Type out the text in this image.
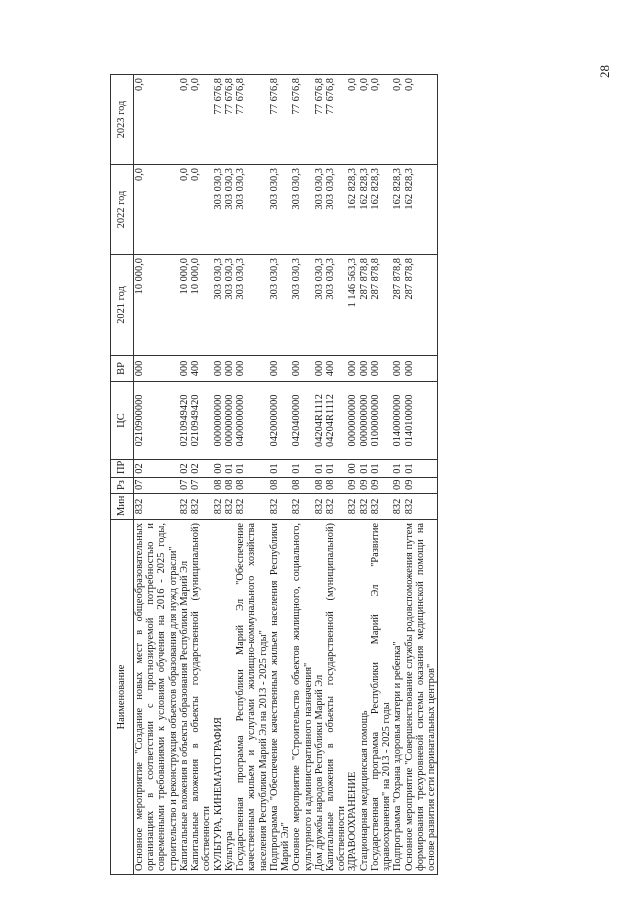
28
Наименование	Мин	Рз	ПР	ЦС	ВР	2021 год	2022 год	2023 год
Основное мероприятие "Создание новых мест в общеобразовательных организациях в соответствии с прогнозируемой потребностью и современными требованиями к условиям обучения на 2016 - 2025 годы, строительство и реконструкция объектов образования для нужд отрасли"	832	07	02	0210900000	000	10 000,0	0,0	0,0
Капитальные вложения в объекты образования Республики Марий Эл	832	07	02	0210949420	000	10 000,0	0,0	0,0
Капитальные вложения в объекты государственной (муниципальной) собственности	832	07	02	0210949420	400	10 000,0	0,0	0,0
КУЛЬТУРА, КИНЕМАТОГРАФИЯ	832	08	00	0000000000	000	303 030,3	303 030,3	77 676,8
Культура	832	08	01	0000000000	000	303 030,3	303 030,3	77 676,8
Государственная программа Республики Марий Эл "Обеспечение качественным жильем и услугами жилищно-коммунального хозяйства населения Республики Марий Эл на 2013 - 2025 годы"	832	08	01	0400000000	000	303 030,3	303 030,3	77 676,8
Подпрограмма "Обеспечение качественным жильем населения Республики Марий Эл"	832	08	01	0420000000	000	303 030,3	303 030,3	77 676,8
Основное мероприятие "Строительство объектов жилищного, социального, культурного и административного назначения"	832	08	01	0420400000	000	303 030,3	303 030,3	77 676,8
Дом дружбы народов Республики Марий Эл	832	08	01	04204R1112	000	303 030,3	303 030,3	77 676,8
Капитальные вложения в объекты государственной (муниципальной) собственности	832	08	01	04204R1112	400	303 030,3	303 030,3	77 676,8
ЗДРАВООХРАНЕНИЕ	832	09	00	0000000000	000	1 146 563,3	162 828,3	0,0
Стационарная медицинская помощь	832	09	01	0000000000	000	287 878,8	162 828,3	0,0
Государственная программа Республики Марий Эл "Развитие здравоохранения" на 2013 - 2025 годы	832	09	01	0100000000	000	287 878,8	162 828,3	0,0
Подпрограмма "Охрана здоровья матери и ребенка"	832	09	01	0140000000	000	287 878,8	162 828,3	0,0
Основное мероприятие "Совершенствование службы родовспоможения путем формирования трехуровневой системы оказания медицинской помощи на основе развития сети перинатальных центров"	832	09	01	0140100000	000	287 878,8	162 828,3	0,0
